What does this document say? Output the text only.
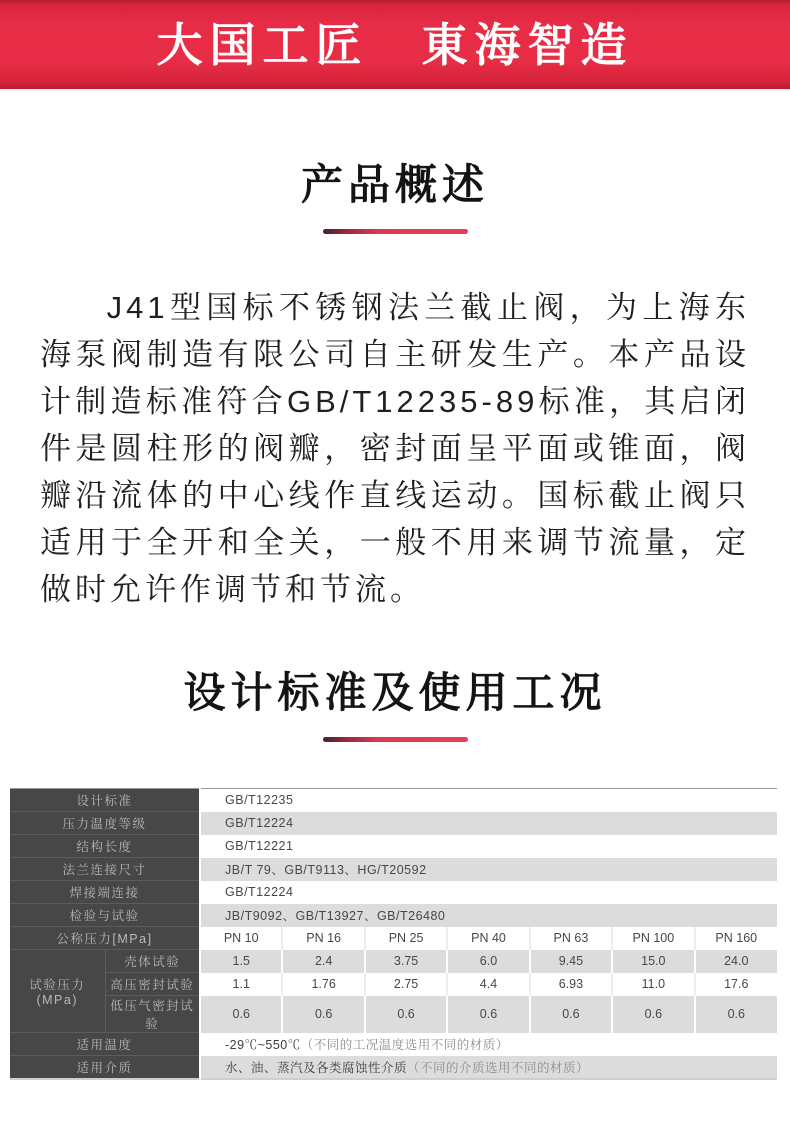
大国工匠　東海智造
产品概述

J41型国标不锈钢法兰截止阀，为上海东海泵阀制造有限公司自主研发生产。本产品设计制造标准符合GB/T12235-89标准，其启闭件是圆柱形的阀瓣，密封面呈平面或锥面，阀瓣沿流体的中心线作直线运动。国标截止阀只适用于全开和全关，一般不用来调节流量，定做时允许作调节和节流。

设计标准及使用工况
设计标准		GB/T12235						
压力温度等级		GB/T12224						
结构长度		GB/T12221						
法兰连接尺寸		JB/T 79、GB/T9113、HG/T20592						
焊接端连接		GB/T12224						
检验与试验		JB/T9092、GB/T13927、GB/T26480						
公称压力[MPa]		PN 10	PN 16	PN 25	PN 40	PN 63	PN 100	PN 160
试验压力(MPa)	壳体试验	1.5	2.4	3.75	6.0	9.45	15.0	24.0
	高压密封试验	1.1	1.76	2.75	4.4	6.93	11.0	17.6
	低压气密封试验	0.6	0.6	0.6	0.6	0.6	0.6	0.6
适用温度		-29℃~550℃（不同的工况温度选用不同的材质）						
适用介质		水、油、蒸汽及各类腐蚀性介质（不同的介质选用不同的材质）						
